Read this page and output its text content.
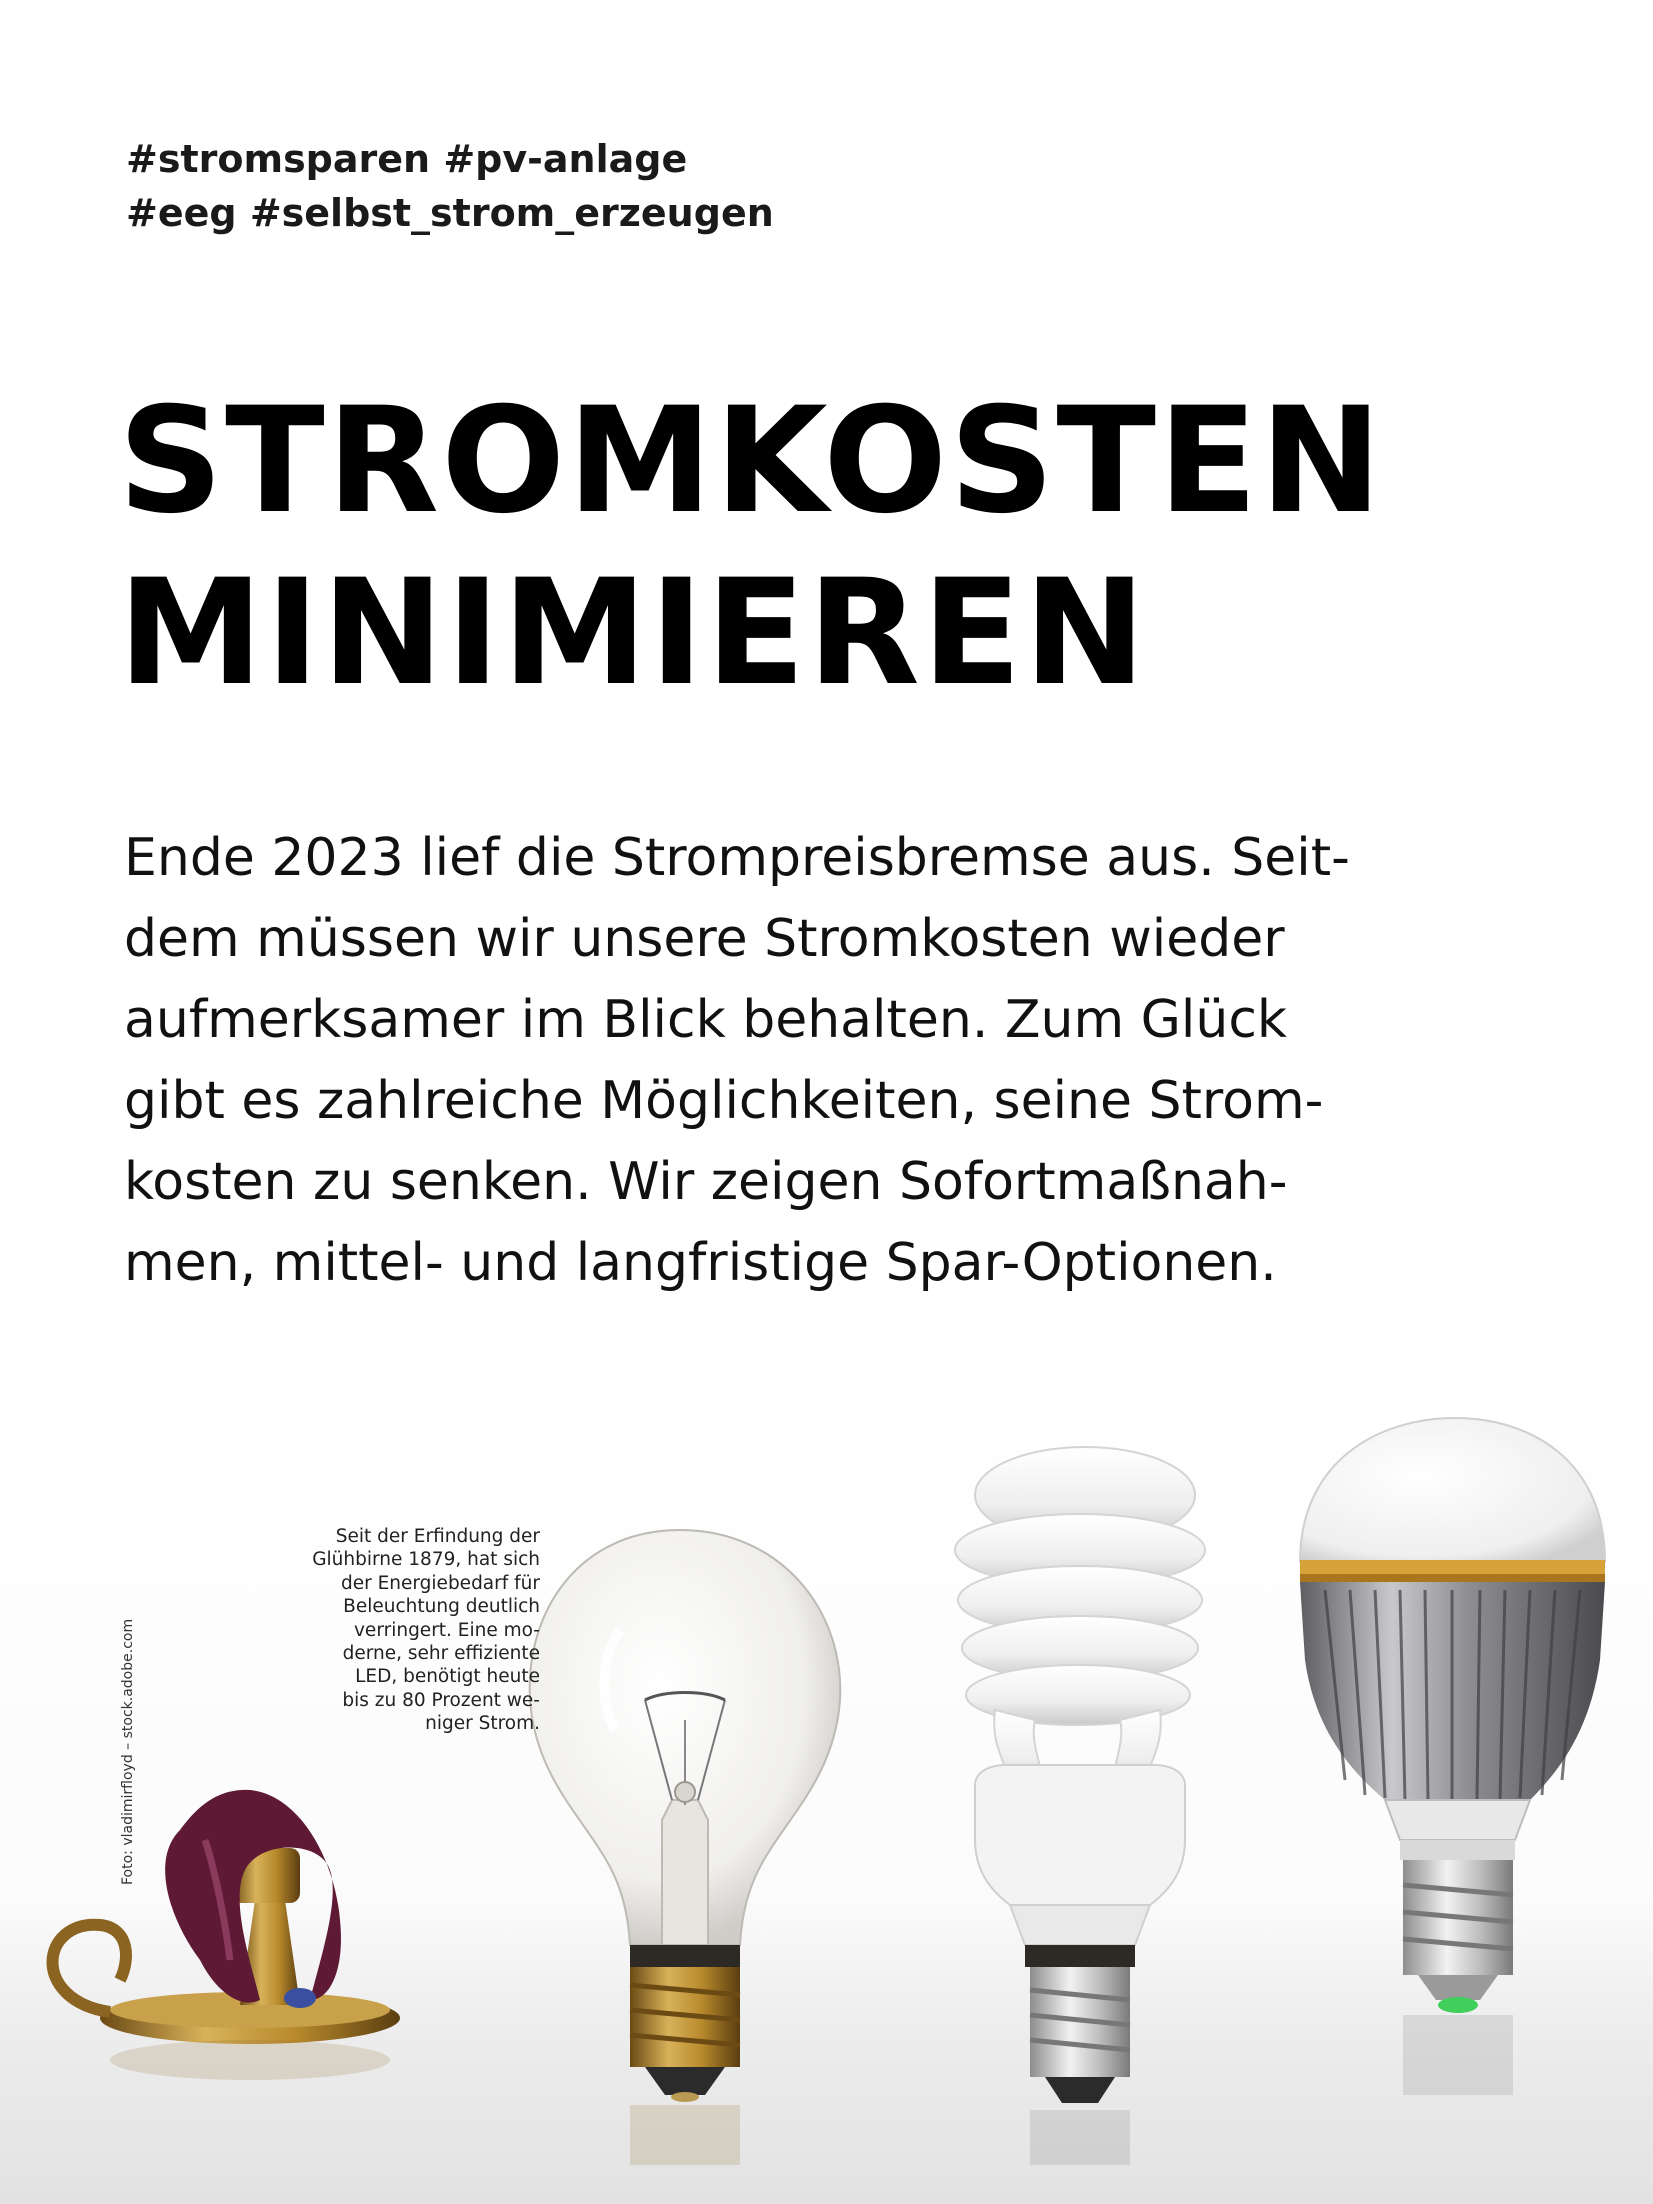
#stromsparen #pv-anlage
#eeg #selbst_strom_erzeugen
STROMKOSTEN
MINIMIEREN

Ende 2023 lief die Strompreisbremse aus. Seit-
dem müssen wir unsere Stromkosten wieder
aufmerksamer im Blick behalten. Zum Glück
gibt es zahlreiche Möglichkeiten, seine Strom-
kosten zu senken. Wir zeigen Sofortmaßnah-
men, mittel- und langfristige Spar-Optionen.

Seit der Erfindung der
Glühbirne 1879, hat sich
der Energiebedarf für
Beleuchtung deutlich
verringert. Eine mo-
derne, sehr effiziente
LED, benötigt heute
bis zu 80 Prozent we-
niger Strom.
Foto: vladimirfloyd – stock.adobe.com
